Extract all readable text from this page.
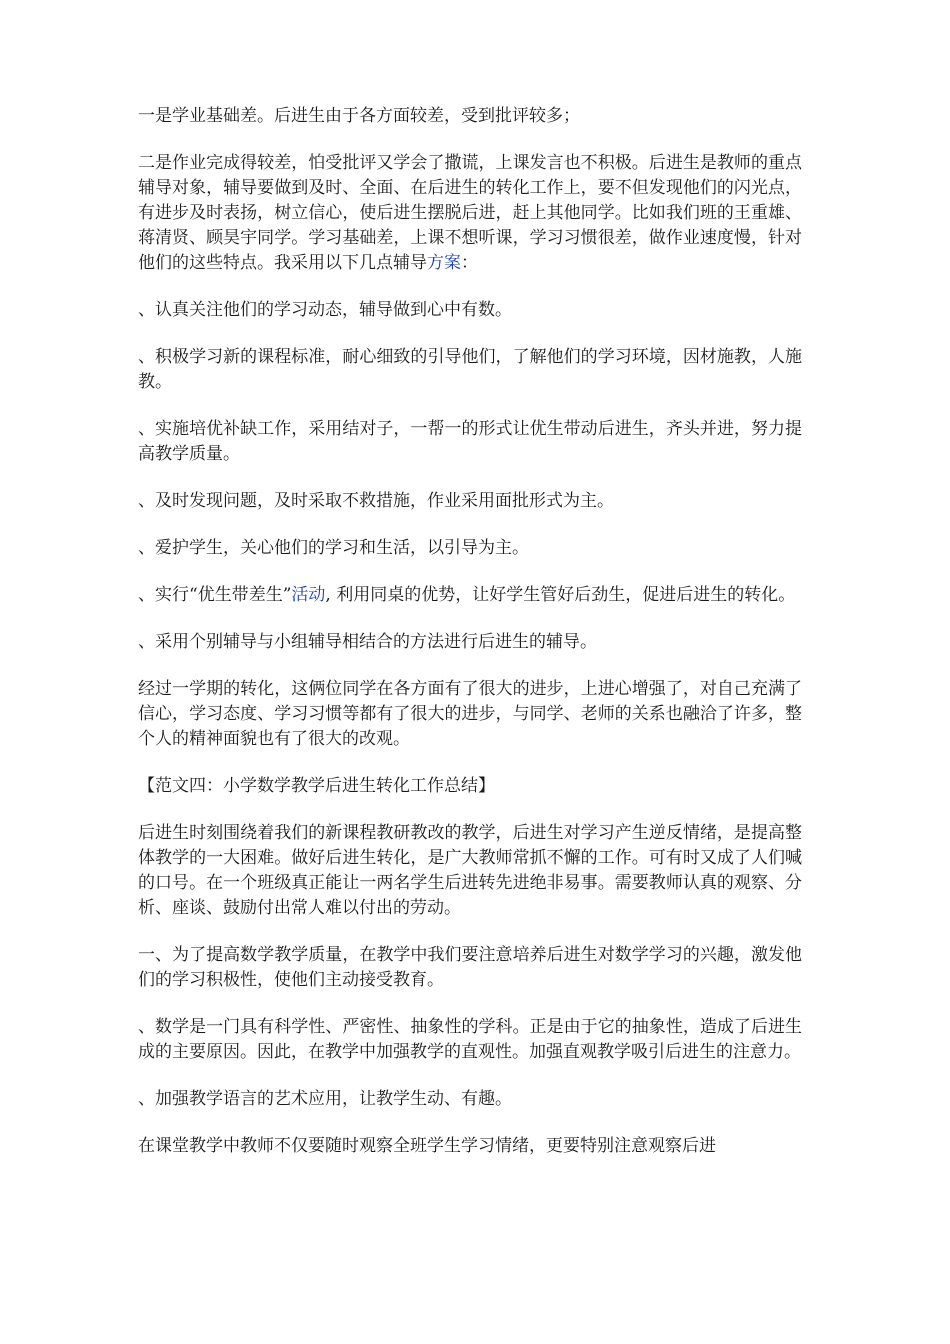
一是学业基础差。后进生由于各方面较差，受到批评较多；

二是作业完成得较差，怕受批评又学会了撒谎，上课发言也不积极。后进生是教师的重点辅导对象，辅导要做到及时、全面、在后进生的转化工作上，要不但发现他们的闪光点，有进步及时表扬，树立信心，使后进生摆脱后进，赶上其他同学。比如我们班的王重雄、蒋清贤、顾昊宇同学。学习基础差，上课不想听课，学习习惯很差，做作业速度慢，针对他们的这些特点。我采用以下几点辅导方案：

、认真关注他们的学习动态，辅导做到心中有数。

、积极学习新的课程标准，耐心细致的引导他们，了解他们的学习环境，因材施教，人施教。

、实施培优补缺工作，采用结对子，一帮一的形式让优生带动后进生，齐头并进，努力提高教学质量。

、及时发现问题，及时采取不救措施，作业采用面批形式为主。

、爱护学生，关心他们的学习和生活，以引导为主。

、实行“优生带差生”活动, 利用同桌的优势，让好学生管好后劲生，促进后进生的转化。

、采用个别辅导与小组辅导相结合的方法进行后进生的辅导。

经过一学期的转化，这俩位同学在各方面有了很大的进步，上进心增强了，对自己充满了信心，学习态度、学习习惯等都有了很大的进步，与同学、老师的关系也融洽了许多，整个人的精神面貌也有了很大的改观。

【范文四：小学数学教学后进生转化工作总结】

后进生时刻围绕着我们的新课程教研教改的教学，后进生对学习产生逆反情绪，是提高整体教学的一大困难。做好后进生转化，是广大教师常抓不懈的工作。可有时又成了人们喊的口号。在一个班级真正能让一两名学生后进转先进绝非易事。需要教师认真的观察、分析、座谈、鼓励付出常人难以付出的劳动。

一、为了提高数学教学质量，在教学中我们要注意培养后进生对数学学习的兴趣，激发他们的学习积极性，使他们主动接受教育。

、数学是一门具有科学性、严密性、抽象性的学科。正是由于它的抽象性，造成了后进生成的主要原因。因此，在教学中加强教学的直观性。加强直观教学吸引后进生的注意力。

、加强教学语言的艺术应用，让教学生动、有趣。

在课堂教学中教师不仅要随时观察全班学生学习情绪，更要特别注意观察后进
